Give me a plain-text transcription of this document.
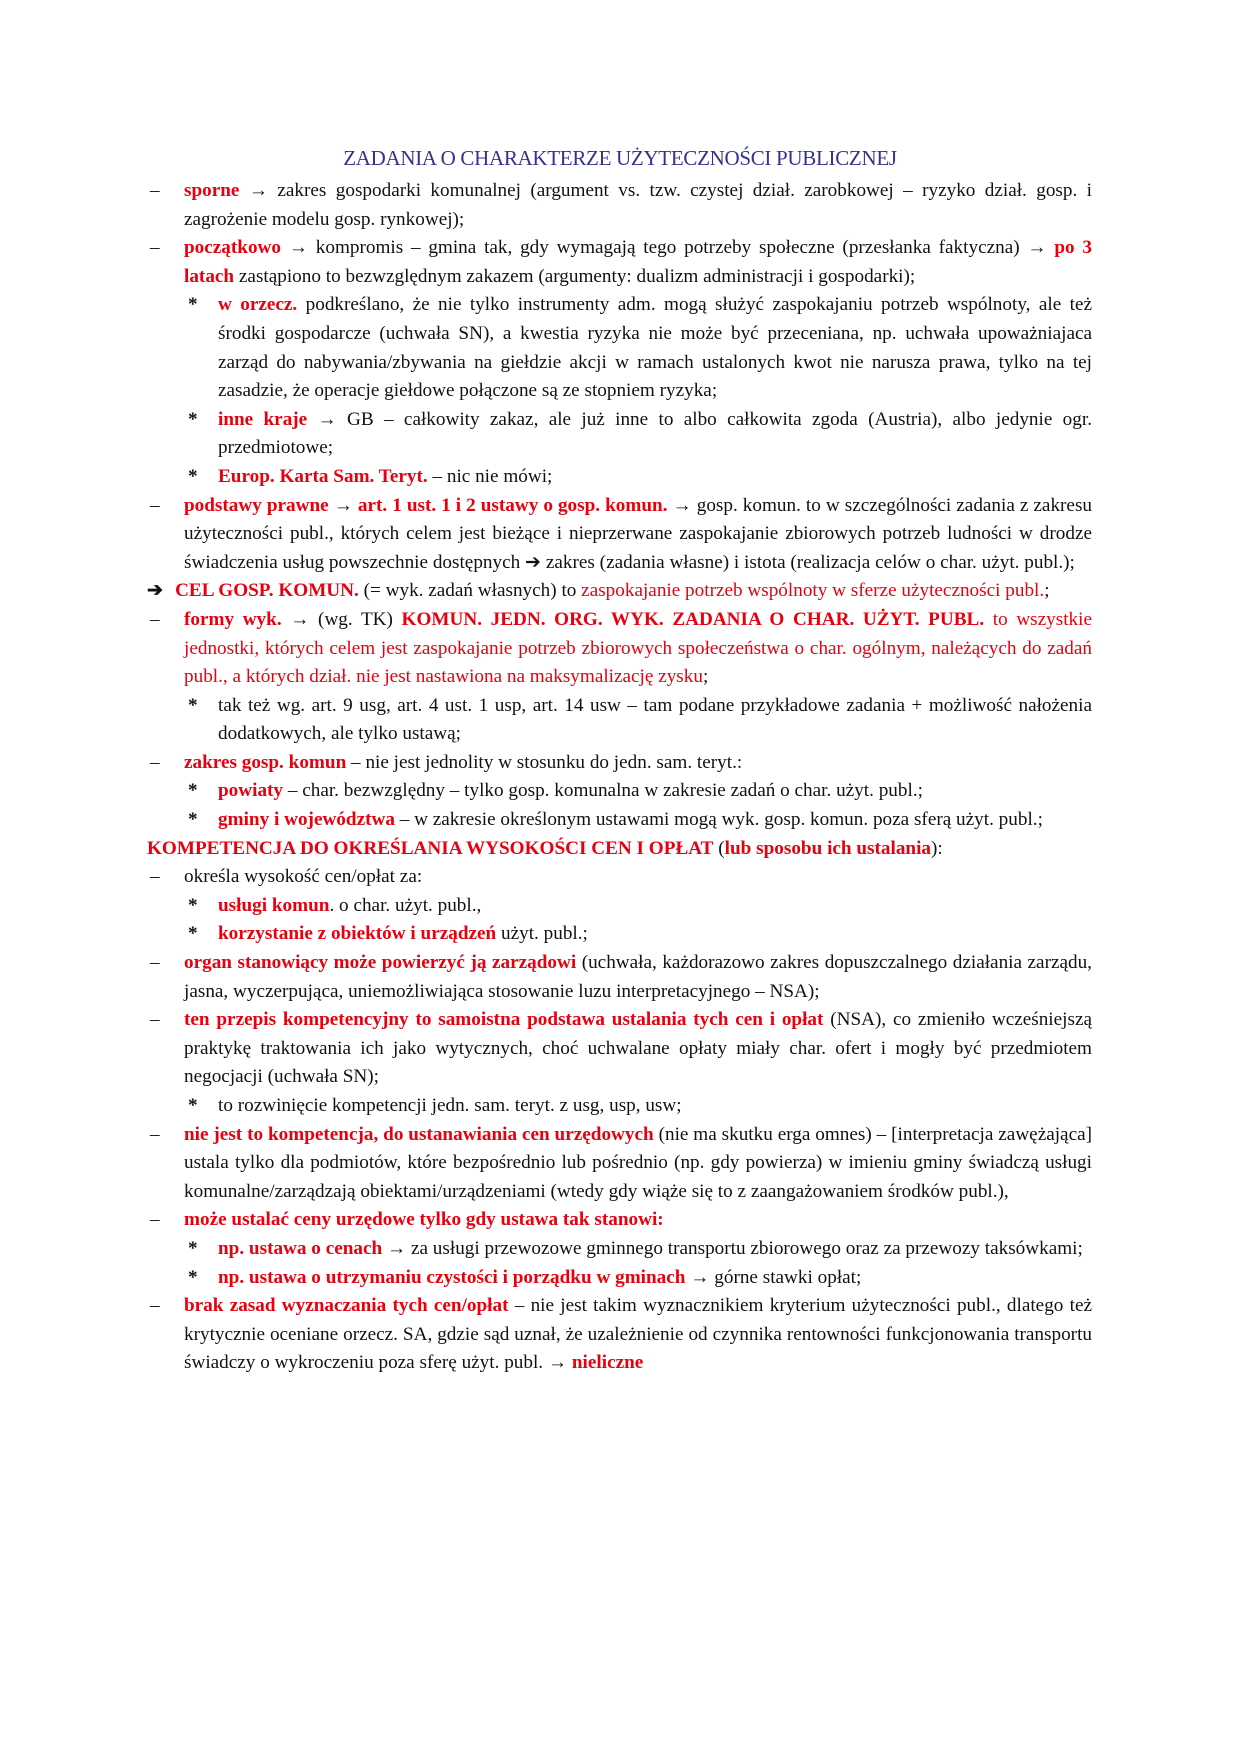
ZADANIA O CHARAKTERZE UŻYTECZNOŚCI PUBLICZNEJ
– sporne → zakres gospodarki komunalnej (argument vs. tzw. czystej dział. zarobkowej – ryzyko dział. gosp. i zagrożenie modelu gosp. rynkowej);
– początkowo → kompromis – gmina tak, gdy wymagają tego potrzeby społeczne (przesłanka faktyczna) → po 3 latach zastąpiono to bezwzględnym zakazem (argumenty: dualizm administracji i gospodarki);
* w orzecz. podkreślano, że nie tylko instrumenty adm. mogą służyć zaspokajaniu potrzeb wspólnoty, ale też środki gospodarcze (uchwała SN), a kwestia ryzyka nie może być przeceniana, np. uchwała upoważniajaca zarząd do nabywania/zbywania na giełdzie akcji w ramach ustalonych kwot nie narusza prawa, tylko na tej zasadzie, że operacje giełdowe połączone są ze stopniem ryzyka;
* inne kraje → GB – całkowity zakaz, ale już inne to albo całkowita zgoda (Austria), albo jedynie ogr. przedmiotowe;
* Europ. Karta Sam. Teryt. – nic nie mówi;
– podstawy prawne → art. 1 ust. 1 i 2 ustawy o gosp. komun. → gosp. komun. to w szczególności zadania z zakresu użyteczności publ., których celem jest bieżące i nieprzerwane zaspokajanie zbiorowych potrzeb ludności w drodze świadczenia usług powszechnie dostępnych ➔ zakres (zadania własne) i istota (realizacja celów o char. użyt. publ.);
➔ CEL GOSP. KOMUN. (= wyk. zadań własnych) to zaspokajanie potrzeb wspólnoty w sferze użyteczności publ.;
– formy wyk. → (wg. TK) KOMUN. JEDN. ORG. WYK. ZADANIA O CHAR. UŻYT. PUBL. to wszystkie jednostki, których celem jest zaspokajanie potrzeb zbiorowych społeczeństwa o char. ogólnym, należących do zadań publ., a których dział. nie jest nastawiona na maksymalizację zysku;
* tak też wg. art. 9 usg, art. 4 ust. 1 usp, art. 14 usw – tam podane przykładowe zadania + możliwość nałożenia dodatkowych, ale tylko ustawą;
– zakres gosp. komun – nie jest jednolity w stosunku do jedn. sam. teryt.:
* powiaty – char. bezwzględny – tylko gosp. komunalna w zakresie zadań o char. użyt. publ.;
* gminy i województwa – w zakresie określonym ustawami mogą wyk. gosp. komun. poza sferą użyt. publ.;
KOMPETENCJA DO OKREŚLANIA WYSOKOŚCI CEN I OPŁAT (lub sposobu ich ustalania):
– określa wysokość cen/opłat za:
* usługi komun. o char. użyt. publ.,
* korzystanie z obiektów i urządzeń użyt. publ.;
– organ stanowiący może powierzyć ją zarządowi (uchwała, każdorazowo zakres dopuszczalnego działania zarządu, jasna, wyczerpująca, uniemożliwiająca stosowanie luzu interpretacyjnego – NSA);
– ten przepis kompetencyjny to samoistna podstawa ustalania tych cen i opłat (NSA), co zmieniło wcześniejszą praktykę traktowania ich jako wytycznych, choć uchwalane opłaty miały char. ofert i mogły być przedmiotem negocjacji (uchwała SN);
* to rozwinięcie kompetencji jedn. sam. teryt. z usg, usp, usw;
– nie jest to kompetencja, do ustanawiania cen urzędowych (nie ma skutku erga omnes) – [interpretacja zawężająca] ustala tylko dla podmiotów, które bezpośrednio lub pośrednio (np. gdy powierza) w imieniu gminy świadczą usługi komunalne/zarządzają obiektami/urządzeniami (wtedy gdy wiąże się to z zaangażowaniem środków publ.),
– może ustalać ceny urzędowe tylko gdy ustawa tak stanowi:
* np. ustawa o cenach → za usługi przewozowe gminnego transportu zbiorowego oraz za przewozy taksówkami;
* np. ustawa o utrzymaniu czystości i porządku w gminach → górne stawki opłat;
– brak zasad wyznaczania tych cen/opłat – nie jest takim wyznacznikiem kryterium użyteczności publ., dlatego też krytycznie oceniane orzecz. SA, gdzie sąd uznał, że uzależnienie od czynnika rentowności funkcjonowania transportu świadczy o wykroczeniu poza sferę użyt. publ. → nieliczne
